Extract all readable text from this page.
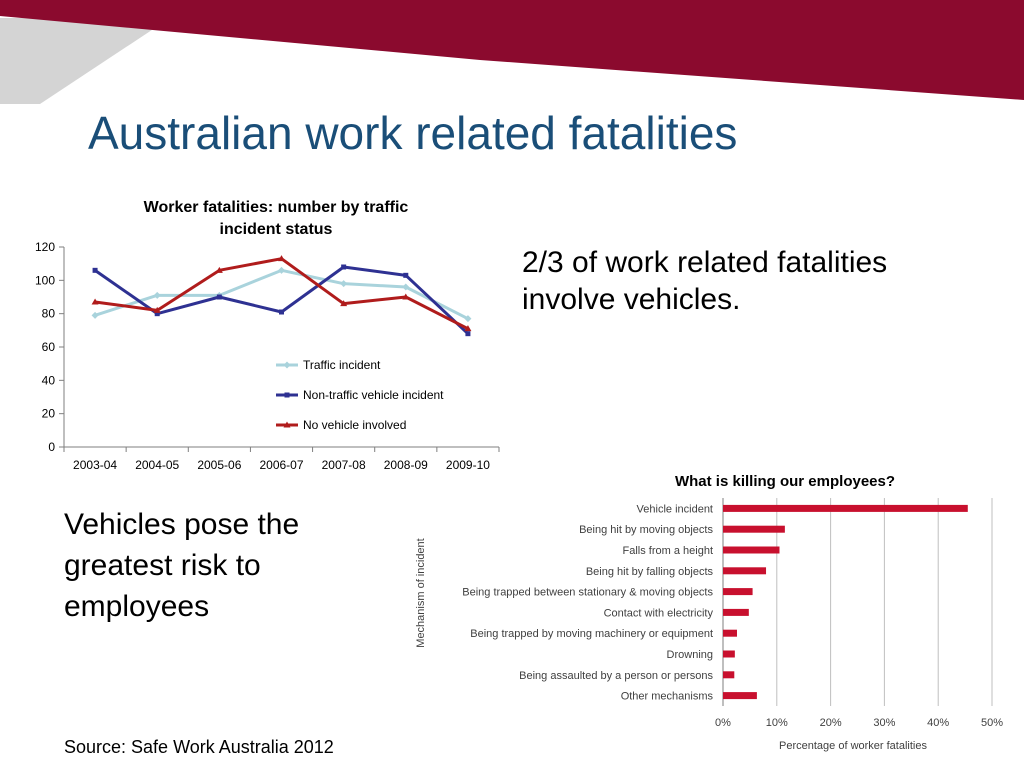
Australian work related fatalities

2/3 of work related fatalities involve vehicles.

Vehicles pose the greatest risk to employees

Source: Safe Work Australia 2012

Worker fatalities: number by traffic
incident status
0
20
40
60
80
100
120
2003-04 2004-05 2005-06 2006-07 2007-08 2008-09 2009-10
Traffic incident
Non-traffic vehicle incident
No vehicle involved
What is killing our employees?
Mechanism of incident
Percentage of worker fatalities
0%	10%	20%	30%	40%	50%
Vehicle incident
Being hit by moving objects
Falls from a height
Being hit by falling objects
Being trapped between stationary & moving objects
Contact with electricity
Being trapped by moving machinery or equipment
Drowning
Being assaulted by a person or persons
Other mechanisms
